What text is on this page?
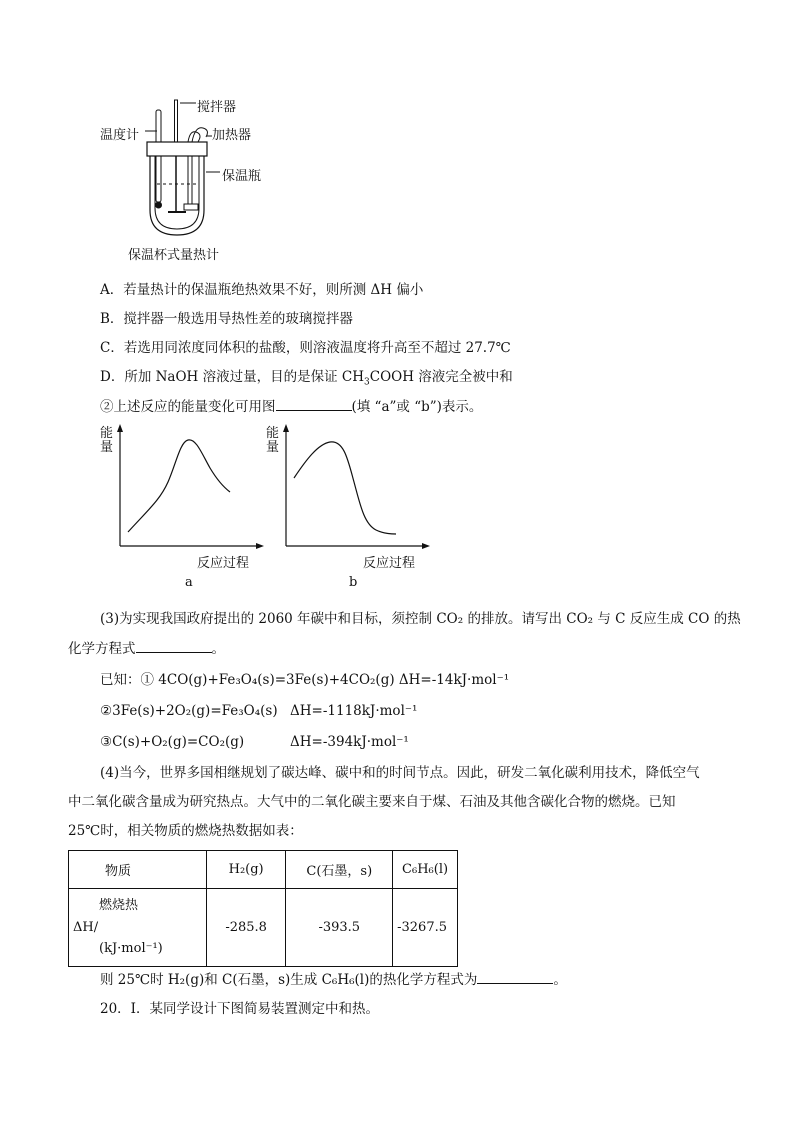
搅拌器
温度计	加热器
保温瓶
保温杯式量热计
A．若量热计的保温瓶绝热效果不好，则所测 ΔH 偏小
B．搅拌器一般选用导热性差的玻璃搅拌器
C．若选用同浓度同体积的盐酸，则溶液温度将升高至不超过 27.7℃
D．所加 NaOH 溶液过量，目的是保证 $CH_3COOH$ 溶液完全被中和
②上述反应的能量变化可用图	(填 “a”或 “b”)表示。
能量
反应过程
a
能量
反应过程
b
(3)为实现我国政府提出的 2060 年碳中和目标，须控制 CO₂ 的排放。请写出 CO₂ 与 C 反应生成 CO 的热
化学方程式	。
已知：① 4CO(g)+Fe₃O₄(s)=3Fe(s)+4CO₂(g) ΔH=-14kJ·mol⁻¹
②3Fe(s)+2O₂(g)=Fe₃O₄(s) ΔH=-1118kJ·mol⁻¹
③C(s)+O₂(g)=CO₂(g)	ΔH=-394kJ·mol⁻¹
(4)当今，世界多国相继规划了碳达峰、碳中和的时间节点。因此，研发二氧化碳利用技术，降低空气
中二氧化碳含量成为研究热点。大气中的二氧化碳主要来自于煤、石油及其他含碳化合物的燃烧。已知
25℃时，相关物质的燃烧热数据如表：
物质	H₂(g)	C(石墨，s)	C₆H₆(l)

燃烧热
ΔH/
(kJ·mol⁻¹)	-285.8	-393.5	-3267.5
则 25℃时 H₂(g)和 C(石墨，s)生成 C₆H₆(l)的热化学方程式为	。
20．Ⅰ．某同学设计下图简易装置测定中和热。
